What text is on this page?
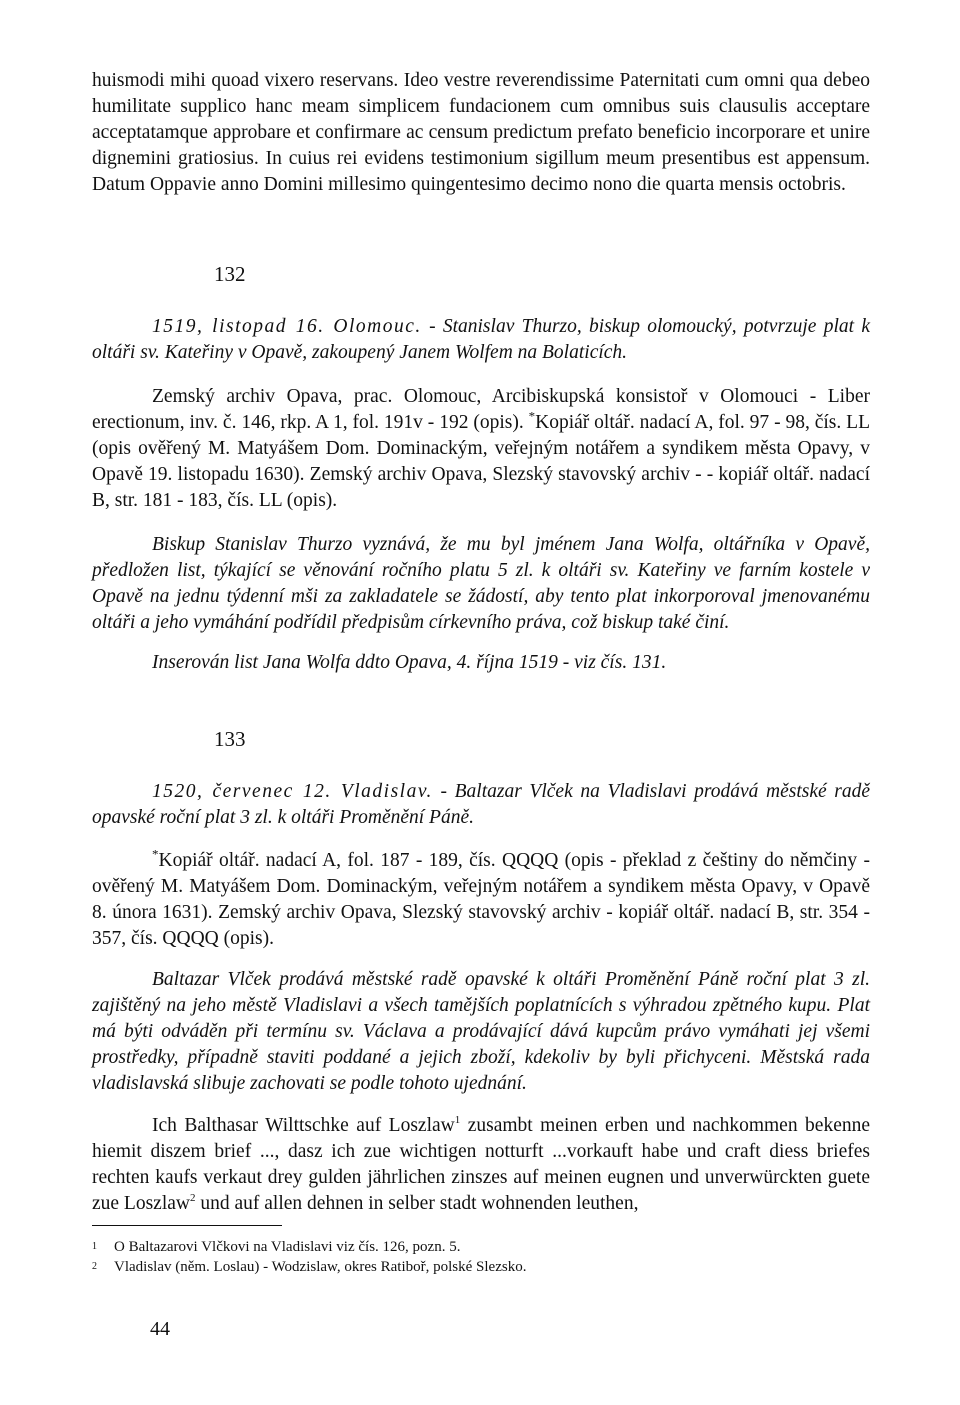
huismodi mihi quoad vixero reservans. Ideo vestre reverendissime Paternitati cum omni qua debeo humilitate supplico hanc meam simplicem fundacionem cum omnibus suis clausulis acceptare acceptatamque approbare et confirmare ac censum predictum prefato beneficio incorporare et unire dignemini gratiosius. In cuius rei evidens testimonium sigillum meum presentibus est appensum. Datum Oppavie anno Domini millesimo quingentesimo decimo nono die quarta mensis octobris.

132

1519, listopad 16. Olomouc. - Stanislav Thurzo, biskup olomoucký, potvrzuje plat k oltáři sv. Kateřiny v Opavě, zakoupený Janem Wolfem na Bolaticích.

Zemský archiv Opava, prac. Olomouc, Arcibiskupská konsistoř v Olomouci - Liber erectionum, inv. č. 146, rkp. A 1, fol. 191v - 192 (opis). *Kopiář oltář. nadací A, fol. 97 - 98, čís. LL (opis ověřený M. Matyášem Dom. Dominackým, veřejným notářem a syndikem města Opavy, v Opavě 19. listopadu 1630). Zemský archiv Opava, Slezský stavovský archiv - - kopiář oltář. nadací B, str. 181 - 183, čís. LL (opis).

Biskup Stanislav Thurzo vyznává, že mu byl jménem Jana Wolfa, oltářníka v Opavě, předložen list, týkající se věnování ročního platu 5 zl. k oltáři sv. Kateřiny ve farním kostele v Opavě na jednu týdenní mši za zakladatele se žádostí, aby tento plat inkorporoval jmenovanému oltáři a jeho vymáhání podřídil předpisům církevního práva, což biskup také činí.

Inserován list Jana Wolfa ddto Opava, 4. října 1519 - viz čís. 131.

133

1520, červenec 12. Vladislav. - Baltazar Vlček na Vladislavi prodává městské radě opavské roční plat 3 zl. k oltáři Proměnění Páně.

*Kopiář oltář. nadací A, fol. 187 - 189, čís. QQQQ (opis - překlad z češtiny do němčiny - ověřený M. Matyášem Dom. Dominackým, veřejným notářem a syndikem města Opavy, v Opavě 8. února 1631). Zemský archiv Opava, Slezský stavovský archiv - kopiář oltář. nadací B, str. 354 - 357, čís. QQQQ (opis).

Baltazar Vlček prodává městské radě opavské k oltáři Proměnění Páně roční plat 3 zl. zajištěný na jeho městě Vladislavi a všech tamějších poplatnících s výhradou zpětného kupu. Plat má býti odváděn při termínu sv. Václava a prodávající dává kupcům právo vymáhati jej všemi prostředky, případně staviti poddané a jejich zboží, kdekoliv by byli přichyceni. Městská rada vladislavská slibuje zachovati se podle tohoto ujednání.

Ich Balthasar Wilttschke auf Loszlaw$^1$ zusambt meinen erben und nachkommen bekenne hiemit diszem brief ..., dasz ich zue wichtigen notturft ...vorkauft habe und craft diess briefes rechten kaufs verkaut drey gulden jährlichen zinszes auf meinen eugnen und unverwürckten guete zue Loszlaw$^2$ und auf allen dehnen in selber stadt wohnenden leuthen,

1 O Baltazarovi Vlčkovi na Vladislavi viz čís. 126, pozn. 5.

2 Vladislav (něm. Loslau) - Wodzislaw, okres Ratiboř, polské Slezsko.

44
